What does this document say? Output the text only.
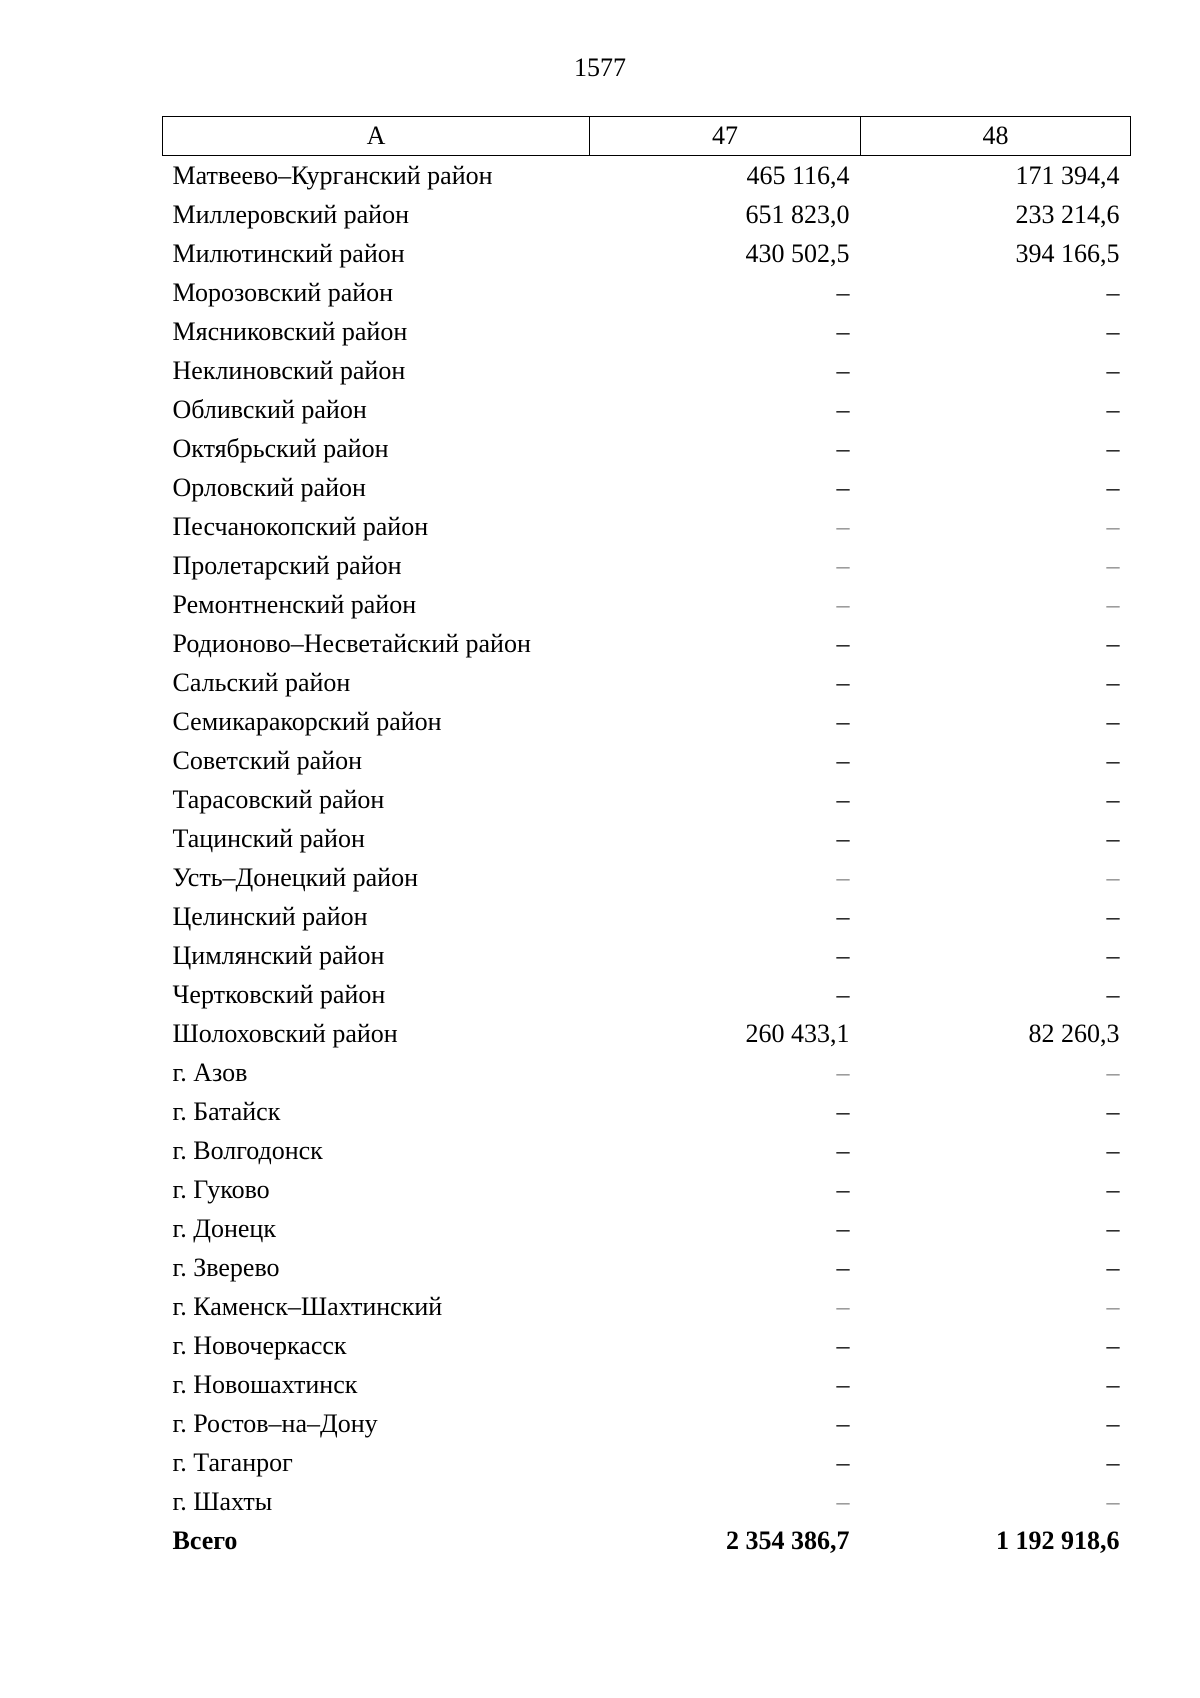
1577
А	47	48
Матвеево–Курганский район	465 116,4	171 394,4
Миллеровский район	651 823,0	233 214,6
Милютинский район	430 502,5	394 166,5
Морозовский район	–	–
Мясниковский район	–	–
Неклиновский район	–	–
Обливский район	–	–
Октябрьский район	–	–
Орловский район	–	–
Песчанокопский район	–	–
Пролетарский район	–	–
Ремонтненский район	–	–
Родионово–Несветайский район	–	–
Сальский район	–	–
Семикаракорский район	–	–
Советский район	–	–
Тарасовский район	–	–
Тацинский район	–	–
Усть–Донецкий район	–	–
Целинский район	–	–
Цимлянский район	–	–
Чертковский район	–	–
Шолоховский район	260 433,1	82 260,3
г. Азов	–	–
г. Батайск	–	–
г. Волгодонск	–	–
г. Гуково	–	–
г. Донецк	–	–
г. Зверево	–	–
г. Каменск–Шахтинский	–	–
г. Новочеркасск	–	–
г. Новошахтинск	–	–
г. Ростов–на–Дону	–	–
г. Таганрог	–	–
г. Шахты	–	–
Всего	2 354 386,7	1 192 918,6
